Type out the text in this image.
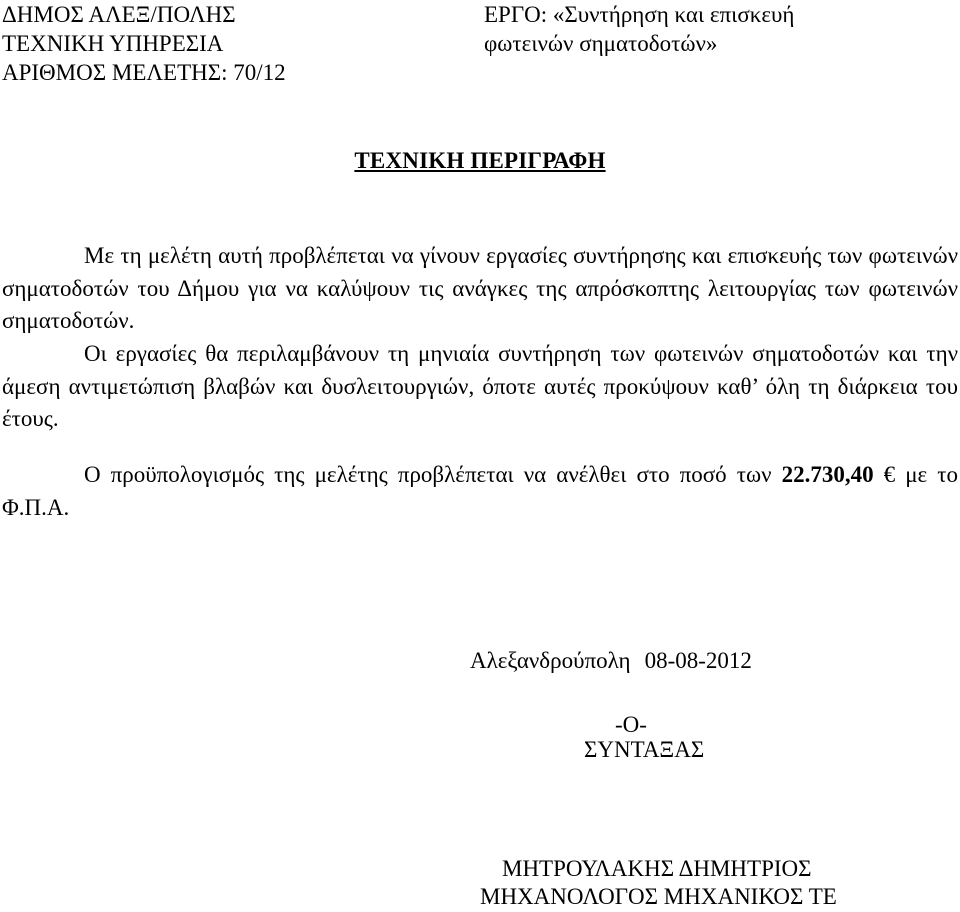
ΔΗΜΟΣ ΑΛΕΞ/ΠΟΛΗΣ
ΤΕΧΝΙΚΗ ΥΠΗΡΕΣΙΑ
ΑΡΙΘΜΟΣ ΜΕΛΕΤΗΣ: 70/12
ΕΡΓΟ: «Συντήρηση και επισκευή
φωτεινών σηματοδοτών»
ΤΕΧΝΙΚΗ ΠΕΡΙΓΡΑΦΗ

Με τη μελέτη αυτή προβλέπεται να γίνουν εργασίες συντήρησης και επισκευής των φωτεινών σηματοδοτών του Δήμου για να καλύψουν τις ανάγκες της απρόσκοπτης λειτουργίας των φωτεινών σηματοδοτών.

Οι εργασίες θα περιλαμβάνουν τη μηνιαία συντήρηση των φωτεινών σηματοδοτών και την άμεση αντιμετώπιση βλαβών και δυσλειτουργιών, όποτε αυτές προκύψουν καθ’ όλη τη διάρκεια του έτους.

Ο προϋπολογισμός της μελέτης προβλέπεται να ανέλθει στο ποσό των 22.730,40 € με το Φ.Π.Α.

Αλεξανδρούπολη 08-08-2012
-Ο-
ΣΥΝΤΑΞΑΣ
ΜΗΤΡΟΥΛΑΚΗΣ ΔΗΜΗΤΡΙΟΣ
ΜΗΧΑΝΟΛΟΓΟΣ ΜΗΧΑΝΙΚΟΣ ΤΕ
